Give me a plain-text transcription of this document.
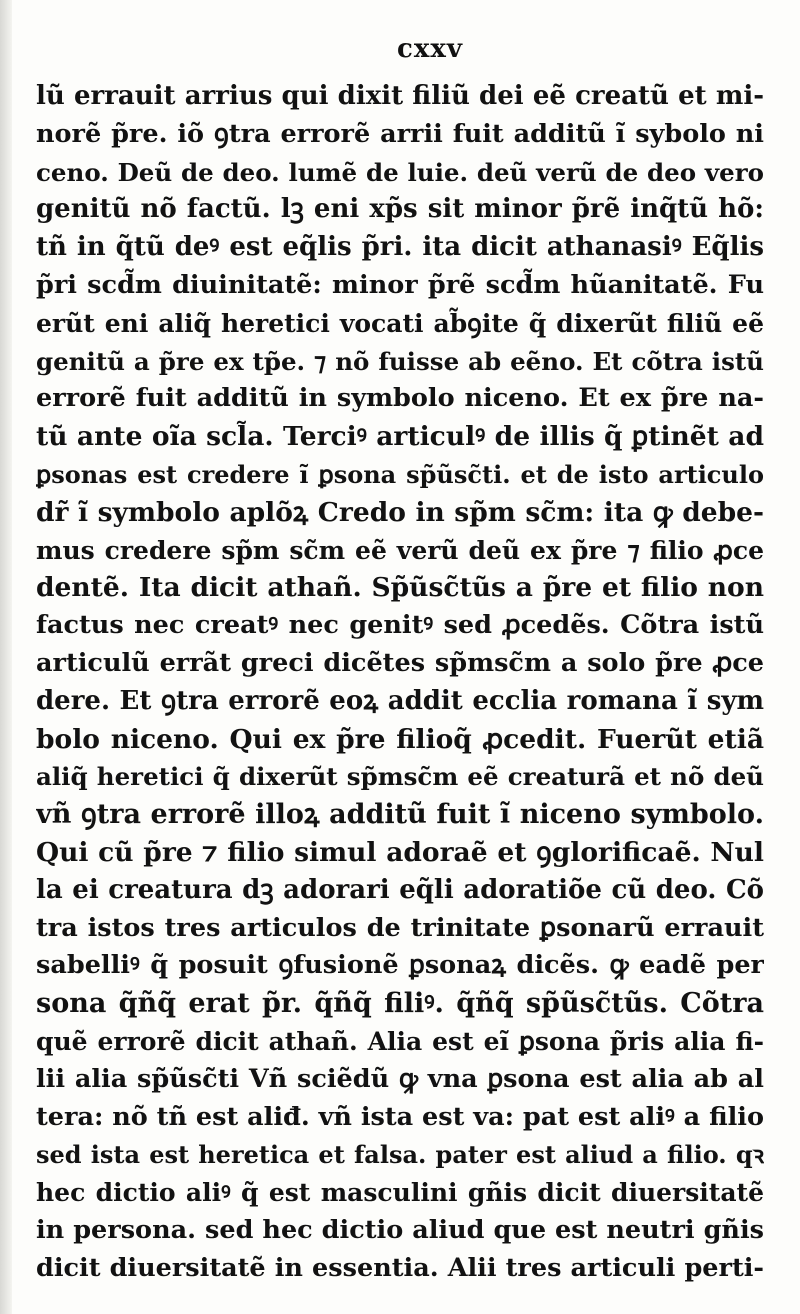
cxxv
lũ errauit arrius qui dixit filiũ dei eẽ creatũ et mi-
norẽ p̃re. iõ ꝯtra errorẽ arrii fuit additũ ĩ sybolo ni
ceno. Deũ de deo. lumẽ de luie. deũ verũ de deo vero
genitũ nõ factũ. lꝫ eni xp̃s sit minor p̃rẽ inq̃tũ hõ:
tñ in q̃tũ deꝰ est eq̃lis p̃ri. ita dicit athanasiꝰ Eq̃lis
p̃ri scd̃m diuinitatẽ: minor p̃rẽ scd̃m hũanitatẽ. Fu
erũt eni aliq̃ heretici vocati ab̃ꝯite q̃ dixerũt filiũ eẽ
genitũ a p̃re ex tp̃e. ⁊ nõ fuisse ab eẽno. Et cõtra istũ
errorẽ fuit additũ in symbolo niceno. Et ex p̃re na-
tũ ante oĩa scl̃a. Terciꝰ articulꝰ de illis q̃ ꝑtinẽt ad
ꝑsonas est credere ĩ ꝑsona sp̃ũsc̃ti. et de isto articulo
dr̃ ĩ symbolo aplõꝝ Credo in sp̃m sc̃m: ita ꝙ debe-
mus credere sp̃m sc̃m eẽ verũ deũ ex p̃re ⁊ filio ꝓce
dentẽ. Ita dicit athañ. Sp̃ũsc̃tũs a p̃re et filio non
factus nec creatꝰ nec genitꝰ sed ꝓcedẽs. Cõtra istũ
articulũ errãt greci dicẽtes sp̃msc̃m a solo p̃re ꝓce
dere. Et ꝯtra errorẽ eoꝝ addit ecclia romana ĩ sym
bolo niceno. Qui ex p̃re filioq̃ ꝓcedit. Fuerũt etiã
aliq̃ heretici q̃ dixerũt sp̃msc̃m eẽ creaturã et nõ deũ
vñ ꝯtra errorẽ illoꝝ additũ fuit ĩ niceno symbolo.
Qui cũ p̃re ⁊ filio simul adoraẽ et ꝯglorificaẽ. Nul
la ei creatura dꝫ adorari eq̃li adoratiõe cũ deo. Cõ
tra istos tres articulos de trinitate ꝑsonarũ errauit
sabelliꝰ q̃ posuit ꝯfusionẽ ꝑsonaꝝ dicẽs. ꝙ eadẽ per
sona q̃ñq̃ erat p̃r. q̃ñq̃ filiꝰ. q̃ñq̃ sp̃ũsc̃tũs. Cõtra
quẽ errorẽ dicit athañ. Alia est eĩ ꝑsona p̃ris alia fi-
lii alia sp̃ũsc̃ti Vñ sciẽdũ ꝙ vna ꝑsona est alia ab al
tera: nõ tñ est aliđ. vñ ista est va: pat est aliꝰ a filio
sed ista est heretica et falsa. pater est aliud a filio. qꝛ
hec dictio aliꝰ q̃ est masculini gñis dicit diuersitatẽ
in persona. sed hec dictio aliud que est neutri gñis
dicit diuersitatẽ in essentia. Alii tres articuli perti-
